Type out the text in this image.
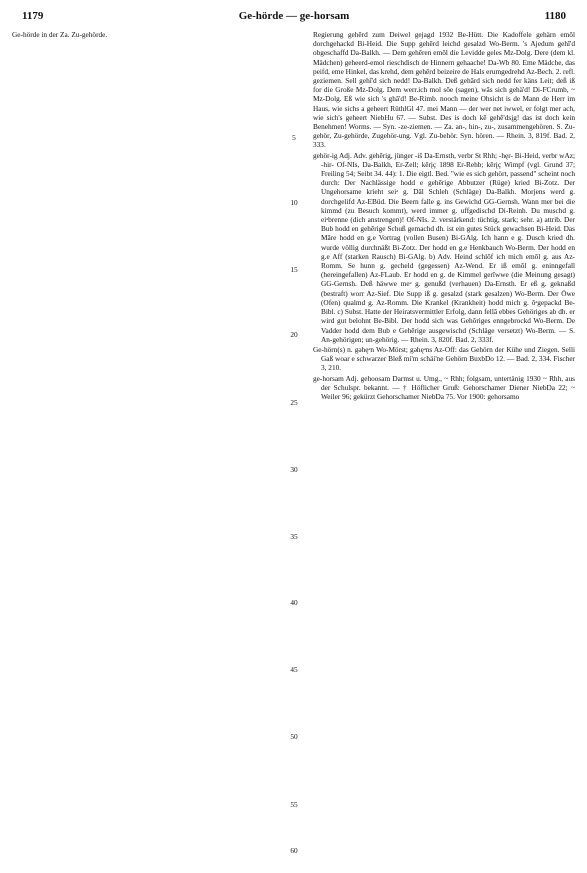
1179	Ge-hörde — ge-horsam	1180

Ge-hörde in der Za. Zu-gehörde.

5
10
15
20
25
30
35
40
45
50
55
60

Regierung gehērd zum Deiwel gejagd 1932 Be-Hütt. Die Kadoffele gehärn emōl dorchgehackd Bi-Heid. Die Supp gehērd leichd gesalzd Wo-Berm. 's Ajedum gehī'd obgeschaffd Da-Balkh. — Dem gehēren emōl die Levidde geles Mz-Dolg. Dere (dem kl. Mädchen) geheerd-emol rieschdisch de Hinnern gehaache! Da-Wb 80. Eme Mädche, das peifd, eme Hinkel, das krehd, dem gehērd beizeire de Hals erumgedrehd Az-Bech. 2. refl. geziemen. Sell gehī'd sich nedd! Da-Balkh. Deß gehārd sich nedd fer käns Leit; deß iß for die Große Mz-Dolg. Dem werr.ich mol sōe (sagen), wās sich gehä'd! Di-FCrumb, ~ Mz-Dolg. Eß wie sich 's ghā'd! Be-Rimb. nooch meine Ohsicht is de Mann de Herr im Haus, wie sichs a geheert RüthlGl 47. mei Mann — der wer net iwwel, er folgt mer ach, wie sich's geheert NiebHu 67. — Subst. Des is doch kē gehē'dsįg! das ist doch kein Benehmen! Worms. — Syn. -ze-ziemen. — Za. an-, hin-, zu-, zusammengehören. S. Zu-gehör, Zu-gehörde, Zugehör-ung. Vgl. Zu-behör. Syn. hören. — Rhein. 3, 819f. Bad. 2, 333.

gehör-ig Adj. Adv. gehērig, jünger -iš Da-Ernsth, verbr St Rhh; -hęr- Bi-Heid, verbr wAz; -hir- Of-NIs, Da-Balkh, Er-Zell; kērįç 1898 Er-Rehb; kērįç Wimpf (vgl. Grund 37; Freiling 54; Seibt 34. 44): 1. Die eigtl. Bed. "wie es sich gehört, passend" scheint noch durch: Der Nachlässige hodd e gehērige Abbutzer (Rüge) kried Bi-Zotz. Der Ungehorsame krieht seiᵊ g. Dāl Schleh (Schläge) Da-Balkh. Morjens werd g. dorchgelifd Az-EBüd. Die Beern falle g. ins Gewichd GG-Gernsh. Wann mer bei die kimmd (zu Besuch kommt), werd immer g. uffgedischd Di-Reinh. Du muschd g. eiᵊbrenne (dich anstrengen)! Of-NIs. 2. verstärkend: tüchtig, stark; sehr. a) attrib. Der Bub hodd en gehērige Schuß gemachd dh. ist ein gutes Stück gewachsen Bi-Heid. Das Māre hodd en g.e Vortrag (vollen Busen) Bi-GAlg. Ich hann e g. Dusch kried dh. wurde völlig durchnäßt Bi-Zotz. Der hodd en g.e Henkbauch Wo-Berm. Der hodd en g.e Aff (starken Rausch) Bi-GAlg. b) Adv. Heind schlōf ich mich emōl g. aus Az-Romm. Se hunn g. gecheld (gegessen) Az-Wend. Er iß emōl g. eninngefall (hereingefallen) Az-FLaub. Er hodd en g. de Kimmel gerīwwe (die Meinung gesagt) GG-Gernsh. Deß häwwe meᵊ g. genußd (verhauen) Da-Ernsth. Er eß g. geknaßd (bestraft) worr Az-Sief. Die Supp iß g. gesalzd (stark gesalzen) Wo-Berm. Der Öwe (Ofen) qualmd g. Az-Romm. Die Krankel (Krankheit) hodd mich g. ōᵊgepackd Be-Bibl. c) Subst. Hatte der Heiratsvermittler Erfolg, dann fellā ebbes Gehöriges ab dh. er wird gut belohnt Be-Bibl. Der hodd sich was Gehōriges enngebrockd Wo-Berm. De Vadder hodd dem Bub e Gehērige ausgewischd (Schläge versetzt) Wo-Berm. — S. An-gehörigen; un-gehörig. — Rhein. 3, 820f. Bad. 2, 333f.

Ge-hörn(s) n. gəhęᵊn Wo-Mörst; gəhęᵊns Az-Off: das Gehörn der Kühe und Ziegen. Selli Gaß woar e schwarzer Bleß mi'm schäi'ne Gehörn BuxbDo 12. — Bad. 2, 334. Fischer 3, 210.

ge-horsam Adj. gehoosam Darmst u. Umg., ~ Rhh; folgsam, untertänig 1930 ~ Rhh, aus der Schulspr. bekannt. — † Höflicher Gruß: Gehorschamer Diener NiebDa 22; ~ Weiler 96; gekürzt Gehorschamer NiebDa 75. Vor 1900: gehorsamo
